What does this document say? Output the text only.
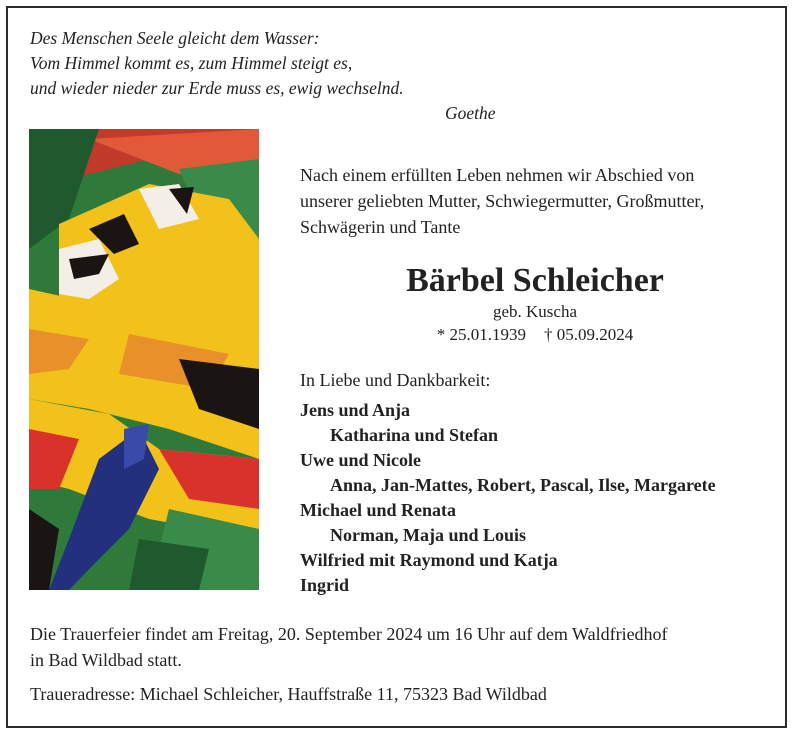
Des Menschen Seele gleicht dem Wasser:
Vom Himmel kommt es, zum Himmel steigt es,
und wieder nieder zur Erde muss es, ewig wechselnd.
Goethe
Nach einem erfüllten Leben nehmen wir Abschied von
unserer geliebten Mutter, Schwiegermutter, Großmutter,
Schwägerin und Tante
Bärbel Schleicher
geb. Kuscha
* 25.01.1939 † 05.09.2024
In Liebe und Dankbarkeit:
Jens und Anja
Katharina und Stefan
Uwe und Nicole
Anna, Jan-Mattes, Robert, Pascal, Ilse, Margarete
Michael und Renata
Norman, Maja und Louis
Wilfried mit Raymond und Katja
Ingrid
Die Trauerfeier findet am Freitag, 20. September 2024 um 16 Uhr auf dem Waldfriedhof
in Bad Wildbad statt.
Traueradresse: Michael Schleicher, Hauffstraße 11, 75323 Bad Wildbad
